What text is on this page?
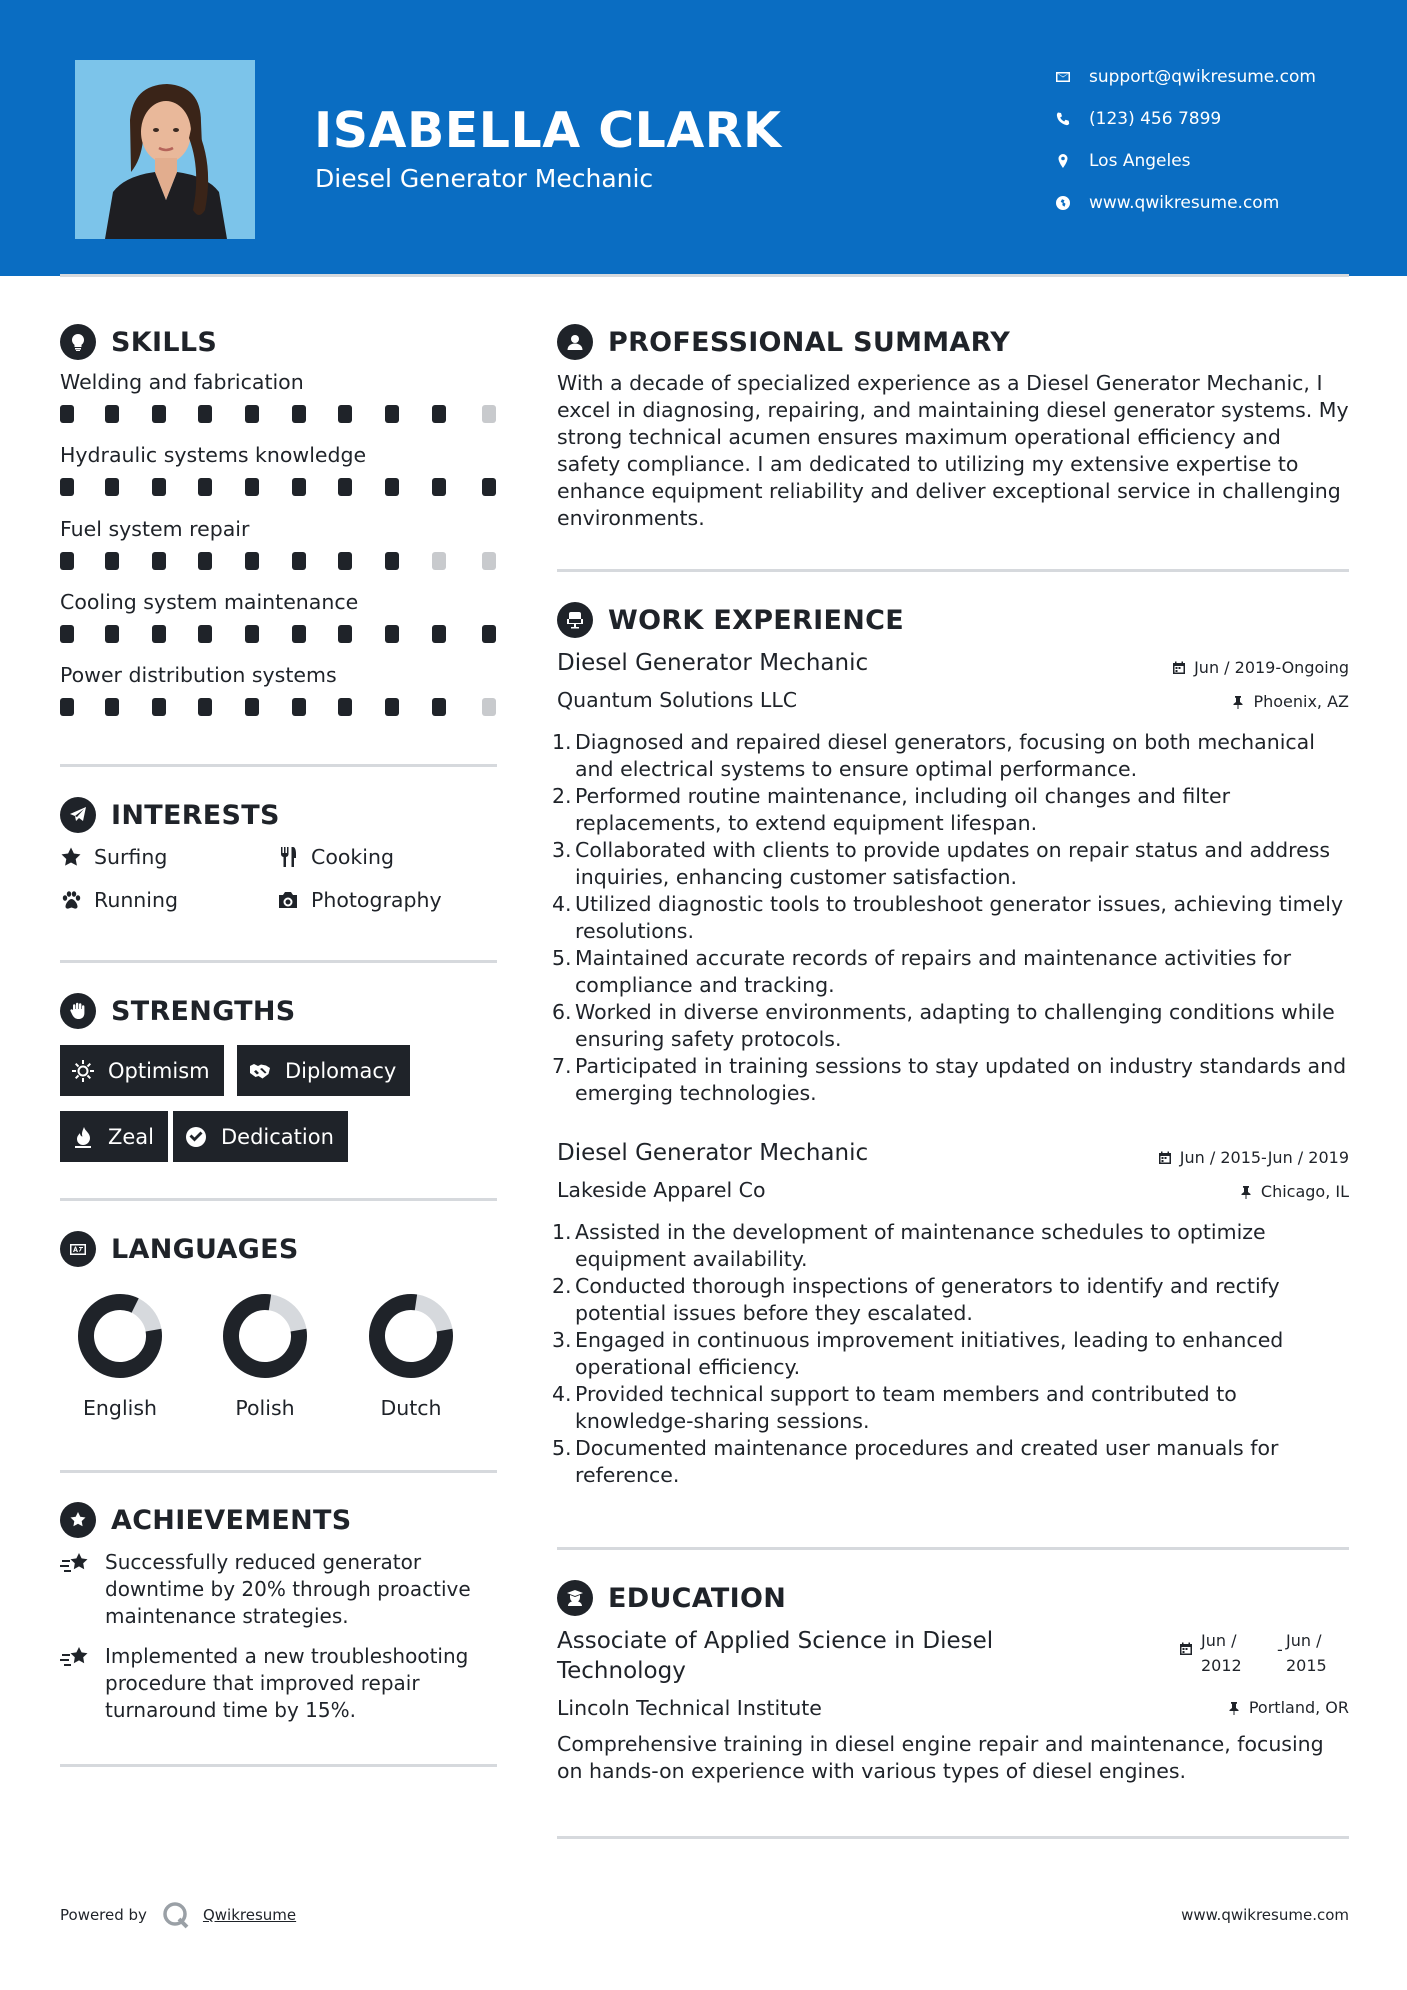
ISABELLA CLARK
Diesel Generator Mechanic
support@qwikresume.com
(123) 456 7899
Los Angeles
www.qwikresume.com
SKILLS
Welding and fabrication
Hydraulic systems knowledge
Fuel system repair
Cooling system maintenance
Power distribution systems
INTERESTS
Surfing	Cooking
Running	Photography
STRENGTHS
Optimism	Diplomacy
Zeal	Dedication
LANGUAGES
English	Polish	Dutch
ACHIEVEMENTS
Successfully reduced generator downtime by 20% through proactive maintenance strategies.
Implemented a new troubleshooting procedure that improved repair turnaround time by 15%.
PROFESSIONAL SUMMARY
With a decade of specialized experience as a Diesel Generator Mechanic, I excel in diagnosing, repairing, and maintaining diesel generator systems. My strong technical acumen ensures maximum operational efficiency and safety compliance. I am dedicated to utilizing my extensive expertise to enhance equipment reliability and deliver exceptional service in challenging environments.
WORK EXPERIENCE
Diesel Generator Mechanic	Jun / 2019-Ongoing
Quantum Solutions LLC	Phoenix, AZ
1. Diagnosed and repaired diesel generators, focusing on both mechanical and electrical systems to ensure optimal performance.
2. Performed routine maintenance, including oil changes and filter replacements, to extend equipment lifespan.
3. Collaborated with clients to provide updates on repair status and address inquiries, enhancing customer satisfaction.
4. Utilized diagnostic tools to troubleshoot generator issues, achieving timely resolutions.
5. Maintained accurate records of repairs and maintenance activities for compliance and tracking.
6. Worked in diverse environments, adapting to challenging conditions while ensuring safety protocols.
7. Participated in training sessions to stay updated on industry standards and emerging technologies.
Diesel Generator Mechanic	Jun / 2015-Jun / 2019
Lakeside Apparel Co	Chicago, IL
1. Assisted in the development of maintenance schedules to optimize equipment availability.
2. Conducted thorough inspections of generators to identify and rectify potential issues before they escalated.
3. Engaged in continuous improvement initiatives, leading to enhanced operational efficiency.
4. Provided technical support to team members and contributed to knowledge-sharing sessions.
5. Documented maintenance procedures and created user manuals for reference.
EDUCATION
Associate of Applied Science in Diesel
Technology
Jun /
2012
- Jun /
2015
Lincoln Technical Institute	Portland, OR
Comprehensive training in diesel engine repair and maintenance, focusing on hands-on experience with various types of diesel engines.
Powered by	Qwikresume	www.qwikresume.com
